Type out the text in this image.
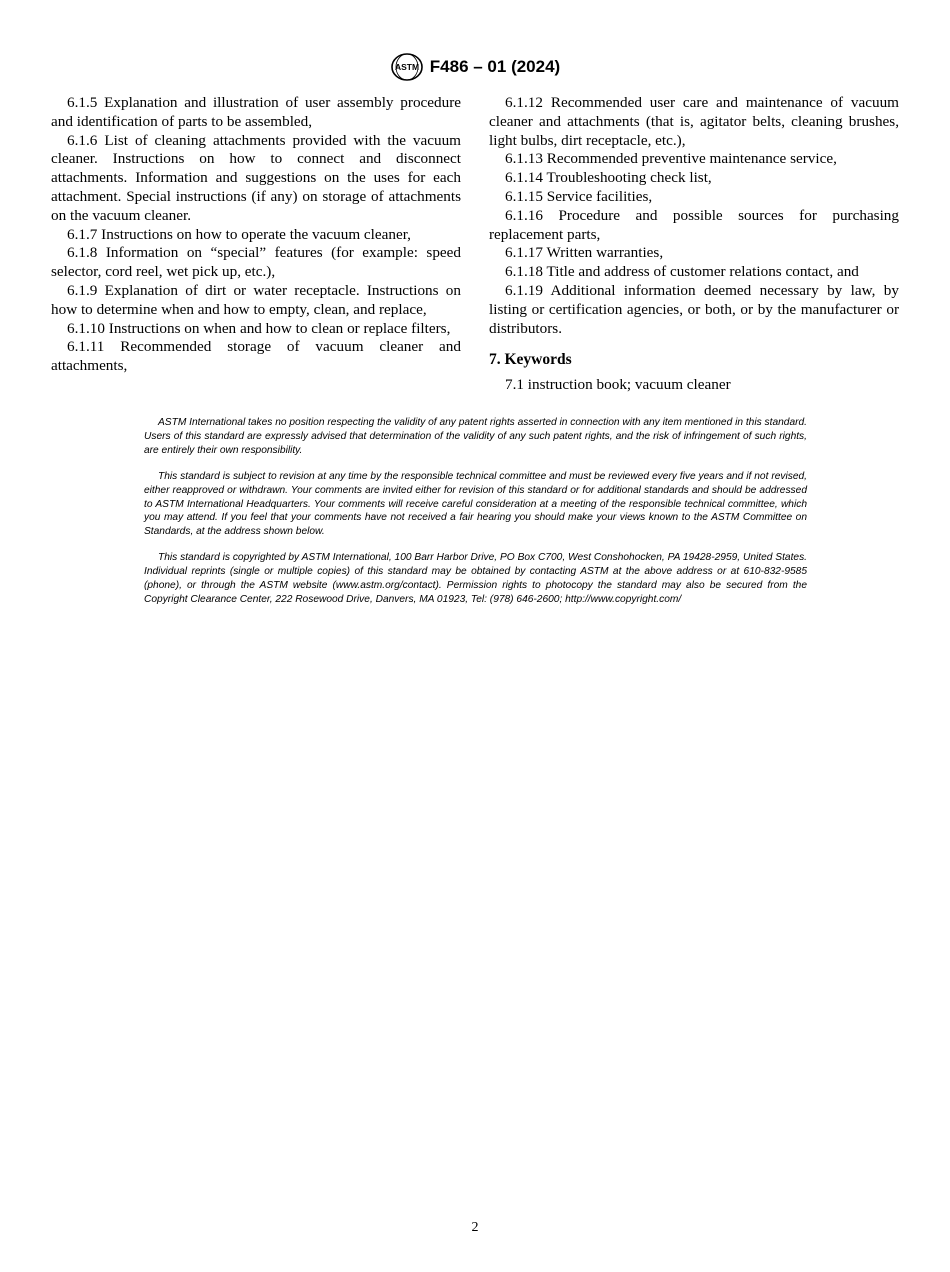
ASTM F486 – 01 (2024)

6.1.5 Explanation and illustration of user assembly procedure and identification of parts to be assembled,

6.1.6 List of cleaning attachments provided with the vacuum cleaner. Instructions on how to connect and disconnect attachments. Information and suggestions on the uses for each attachment. Special instructions (if any) on storage of attachments on the vacuum cleaner.

6.1.7 Instructions on how to operate the vacuum cleaner,

6.1.8 Information on “special” features (for example: speed selector, cord reel, wet pick up, etc.),

6.1.9 Explanation of dirt or water receptacle. Instructions on how to determine when and how to empty, clean, and replace,

6.1.10 Instructions on when and how to clean or replace filters,

6.1.11 Recommended storage of vacuum cleaner and attachments,

6.1.12 Recommended user care and maintenance of vacuum cleaner and attachments (that is, agitator belts, cleaning brushes, light bulbs, dirt receptacle, etc.),

6.1.13 Recommended preventive maintenance service,

6.1.14 Troubleshooting check list,

6.1.15 Service facilities,

6.1.16 Procedure and possible sources for purchasing replacement parts,

6.1.17 Written warranties,

6.1.18 Title and address of customer relations contact, and

6.1.19 Additional information deemed necessary by law, by listing or certification agencies, or both, or by the manufacturer or distributors.

7. Keywords

7.1 instruction book; vacuum cleaner

ASTM International takes no position respecting the validity of any patent rights asserted in connection with any item mentioned in this standard. Users of this standard are expressly advised that determination of the validity of any such patent rights, and the risk of infringement of such rights, are entirely their own responsibility.

This standard is subject to revision at any time by the responsible technical committee and must be reviewed every five years and if not revised, either reapproved or withdrawn. Your comments are invited either for revision of this standard or for additional standards and should be addressed to ASTM International Headquarters. Your comments will receive careful consideration at a meeting of the responsible technical committee, which you may attend. If you feel that your comments have not received a fair hearing you should make your views known to the ASTM Committee on Standards, at the address shown below.

This standard is copyrighted by ASTM International, 100 Barr Harbor Drive, PO Box C700, West Conshohocken, PA 19428-2959, United States. Individual reprints (single or multiple copies) of this standard may be obtained by contacting ASTM at the above address or at 610-832-9585 (phone), or through the ASTM website (www.astm.org/contact). Permission rights to photocopy the standard may also be secured from the Copyright Clearance Center, 222 Rosewood Drive, Danvers, MA 01923, Tel: (978) 646-2600; http://www.copyright.com/

2
